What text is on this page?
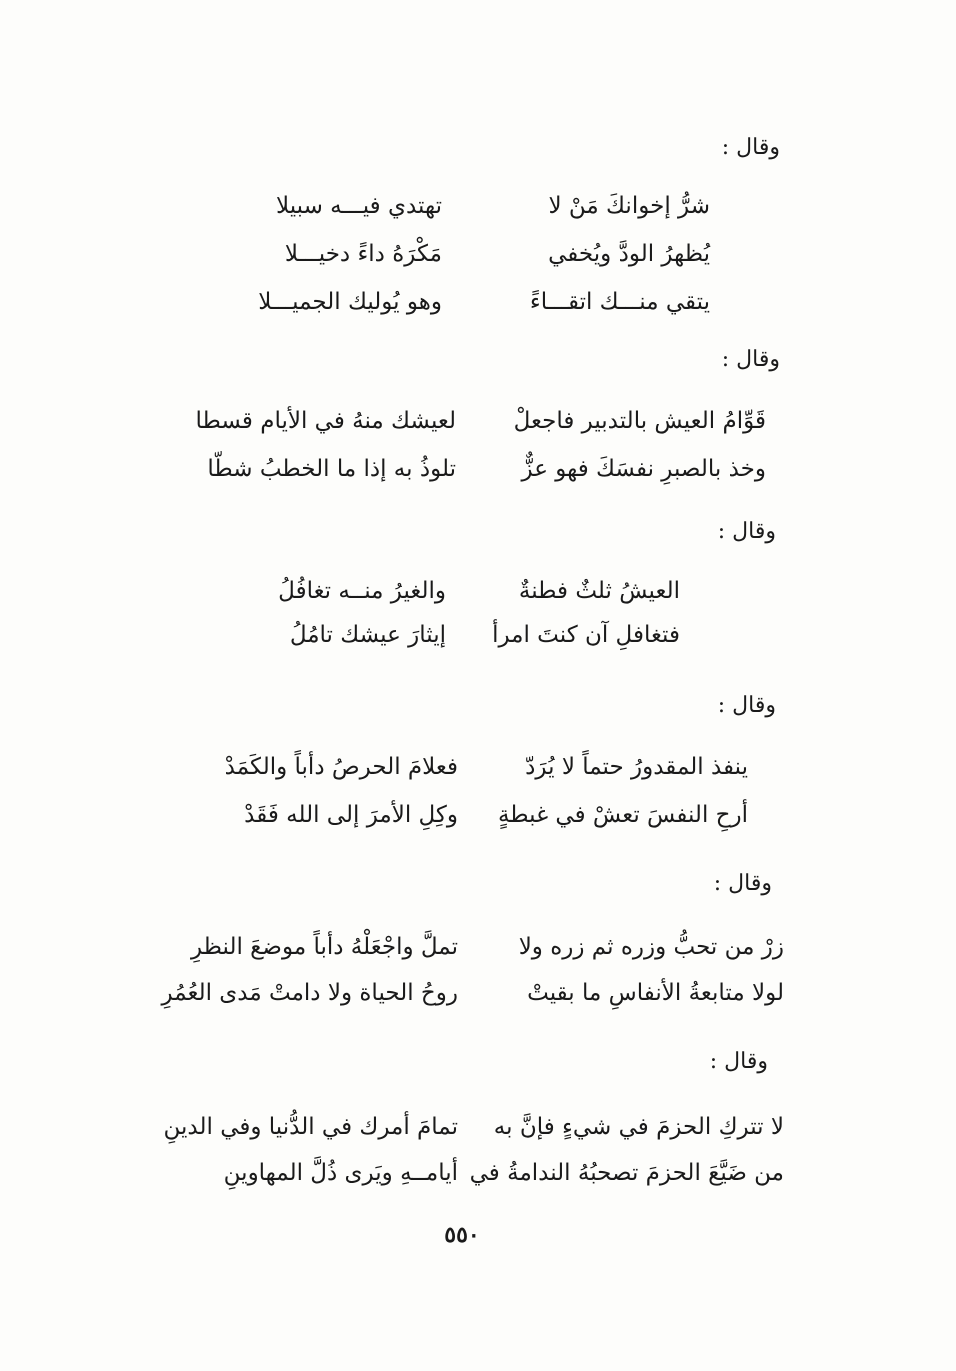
وقال :
شرُّ إخوانكَ مَنْ لا
تهتدي فيـــه سبيلا
يُظهرُ الودَّ ويُخفي
مَكْرَهُ داءً دخيـــلا
يتقي منـــك اتقـــاءً
وهو يُوليك الجميـــلا
وقال :
قَوِّامُ العيش بالتدبير فاجعلْ
لعيشك منهُ في الأيام قسطا
وخذ بالصبرِ نفسَكَ فهو عزٌّ
تلوذُ به إذا ما الخطبُ شطّا
وقال :
العيشُ ثلثٌ فطنةٌ
والغيرُ منــه تغافُلُ
فتغافلِ آن كنتَ امرأ
إيثارَ عيشك تامُلُ
وقال :
ينفذ المقدورُ حتماً لا يُرَدّ
فعلامَ الحرصُ دأباً والكَمَدْ
أرحِ النفسَ تعشْ في غبطةٍ
وكِلِ الأمرَ إلى الله فَقَدْ
وقال :
زرْ من تحبُّ وزره ثم زره ولا
تملَّ واجْعَلْهُ دأباً موضعَ النظرِ
لولا متابعةُ الأنفاسِ ما بقيتْ
روحُ الحياة ولا دامتْ مَدى العُمُرِ
وقال :
لا تتركِ الحزمَ في شيءٍ فإنَّ به
تمامَ أمرك في الدُّنيا وفي الدينِ
من ضَيَّعَ الحزمَ تصحبُهُ الندامةُ في
أيامــهِ ويَرى ذُلَّ المهاوينِ
٥٥٠
